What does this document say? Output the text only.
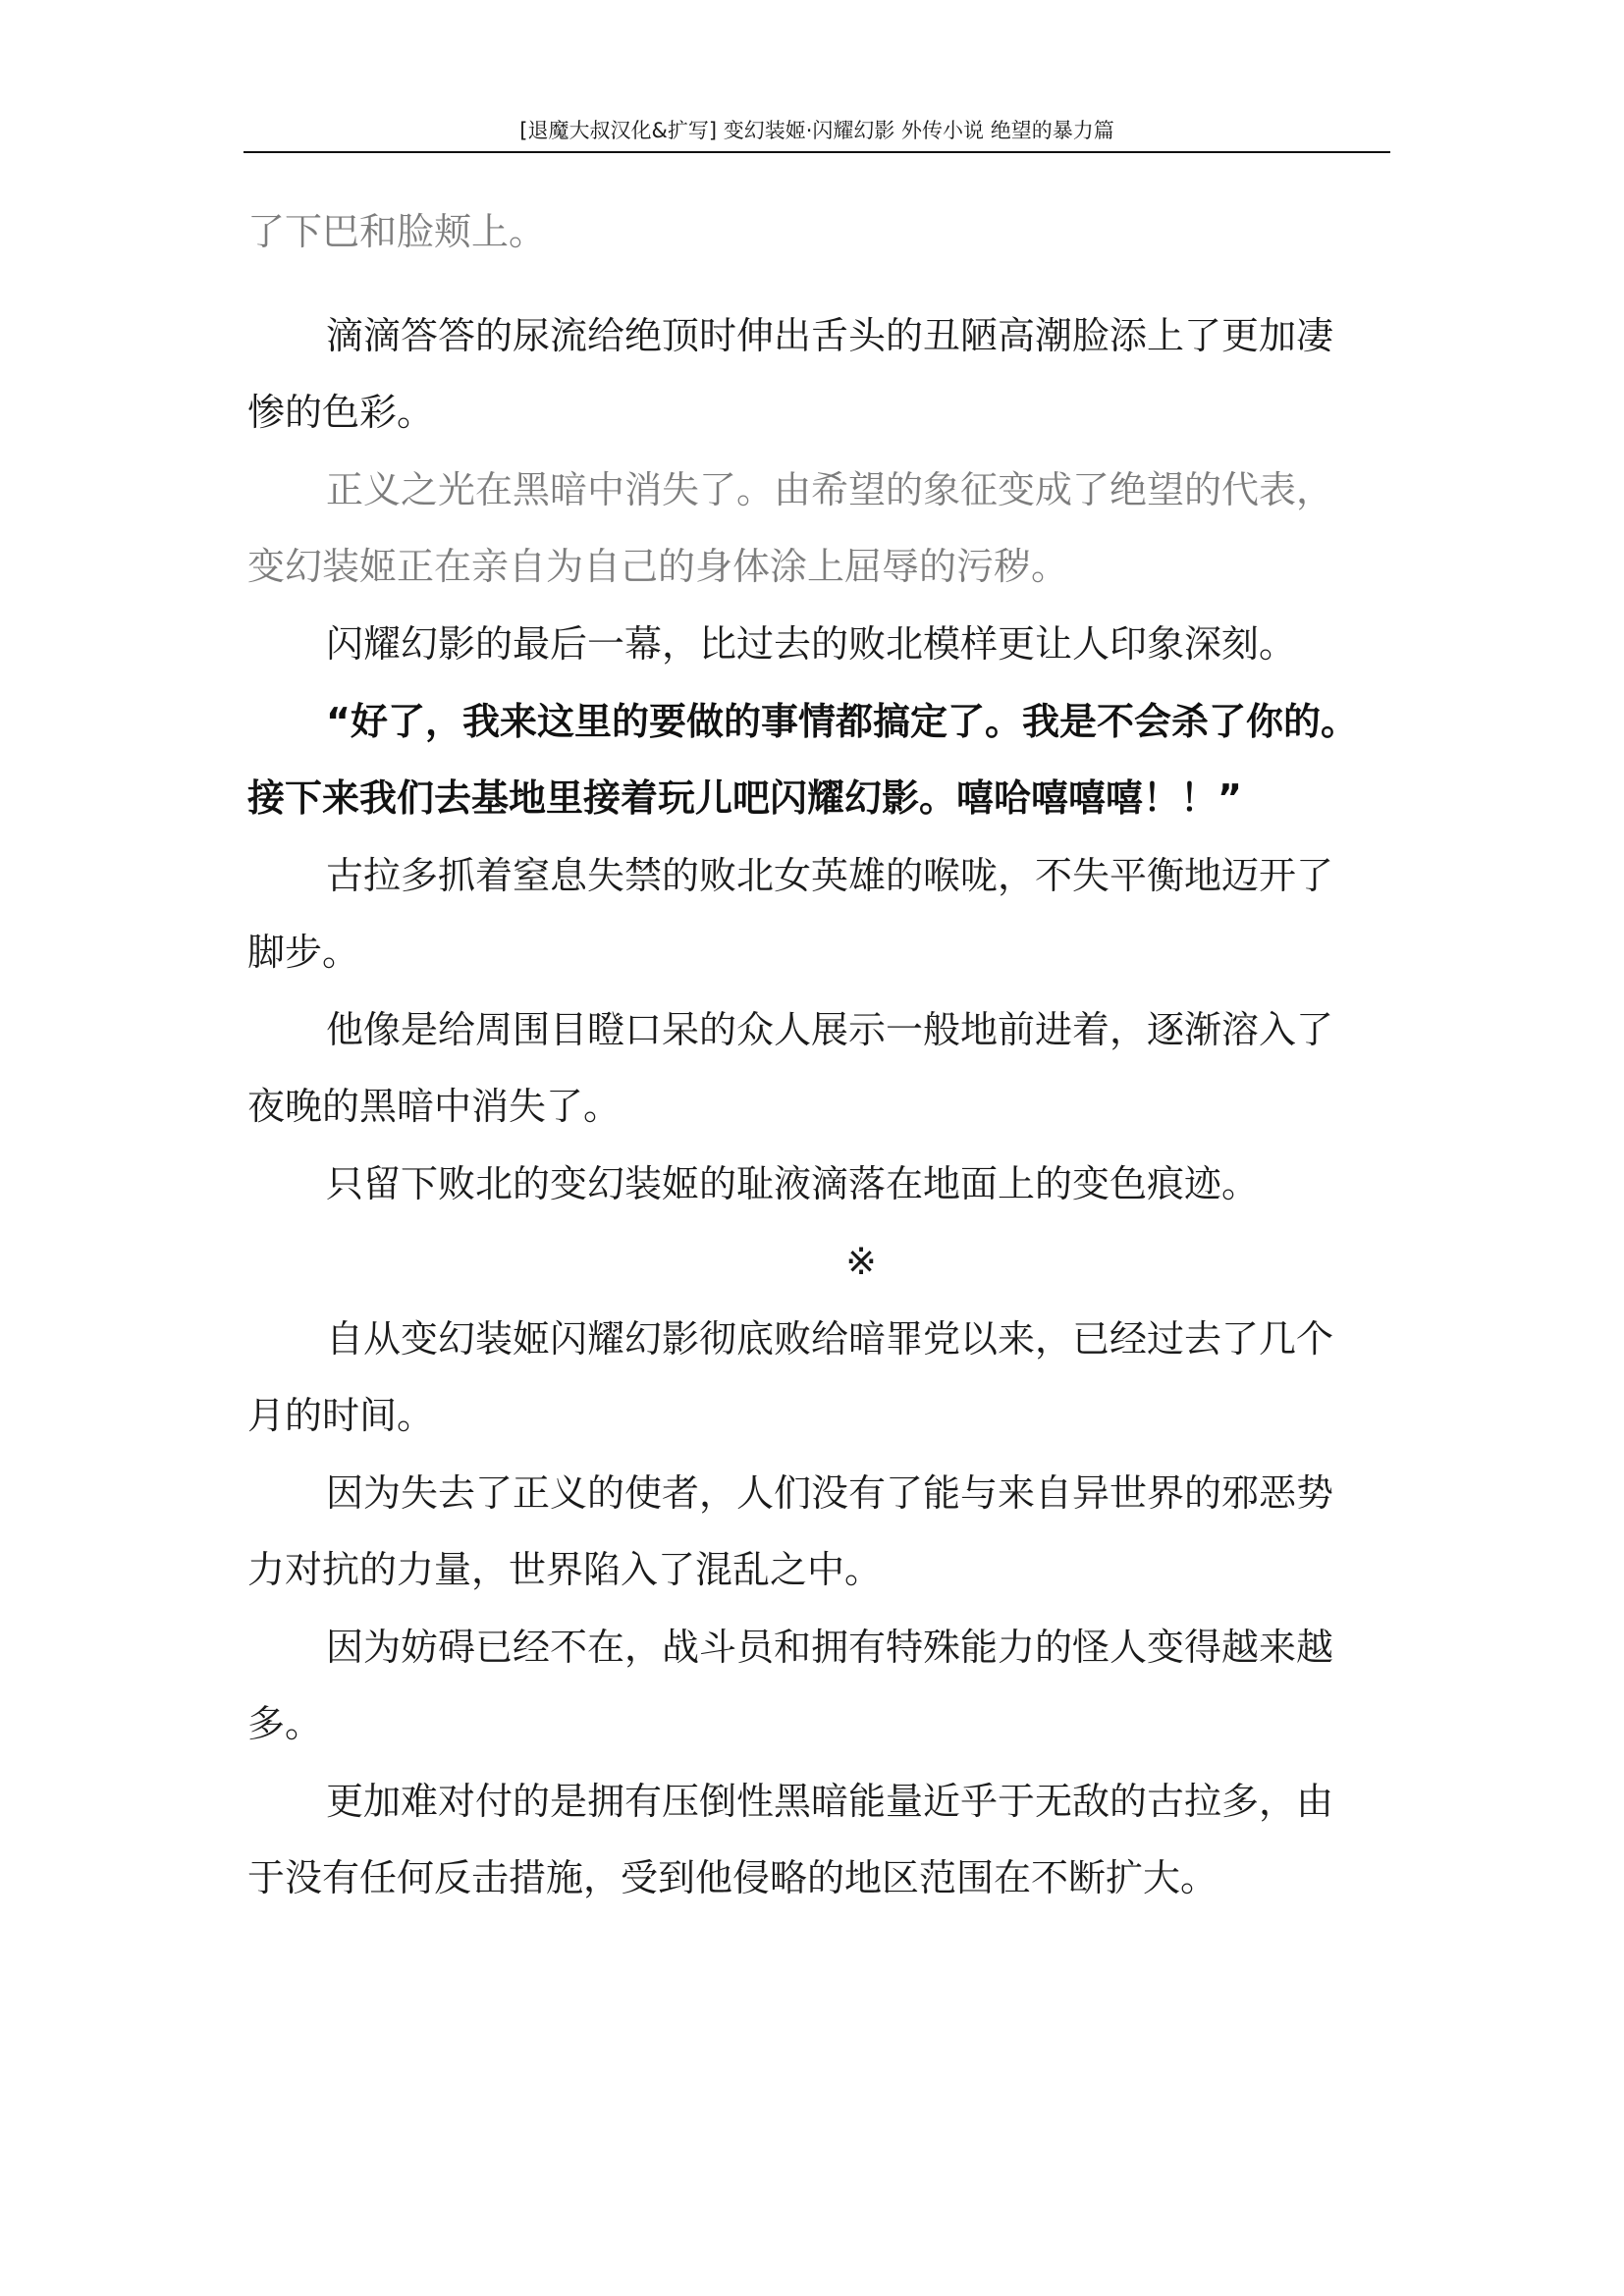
[退魔大叔汉化&扩写] 变幻装姬·闪耀幻影 外传小说 绝望的暴力篇
了下巴和脸颊上。
滴滴答答的尿流给绝顶时伸出舌头的丑陋高潮脸添上了更加凄
惨的色彩。
正义之光在黑暗中消失了。由希望的象征变成了绝望的代表，
变幻装姬正在亲自为自己的身体涂上屈辱的污秽。
闪耀幻影的最后一幕，比过去的败北模样更让人印象深刻。
“好了，我来这里的要做的事情都搞定了。我是不会杀了你的。
接下来我们去基地里接着玩儿吧闪耀幻影。嘻哈嘻嘻嘻！！”
古拉多抓着窒息失禁的败北女英雄的喉咙，不失平衡地迈开了
脚步。
他像是给周围目瞪口呆的众人展示一般地前进着，逐渐溶入了
夜晚的黑暗中消失了。
只留下败北的变幻装姬的耻液滴落在地面上的变色痕迹。
※
自从变幻装姬闪耀幻影彻底败给暗罪党以来，已经过去了几个
月的时间。
因为失去了正义的使者，人们没有了能与来自异世界的邪恶势
力对抗的力量，世界陷入了混乱之中。
因为妨碍已经不在，战斗员和拥有特殊能力的怪人变得越来越
多。
更加难对付的是拥有压倒性黑暗能量近乎于无敌的古拉多，由
于没有任何反击措施，受到他侵略的地区范围在不断扩大。
